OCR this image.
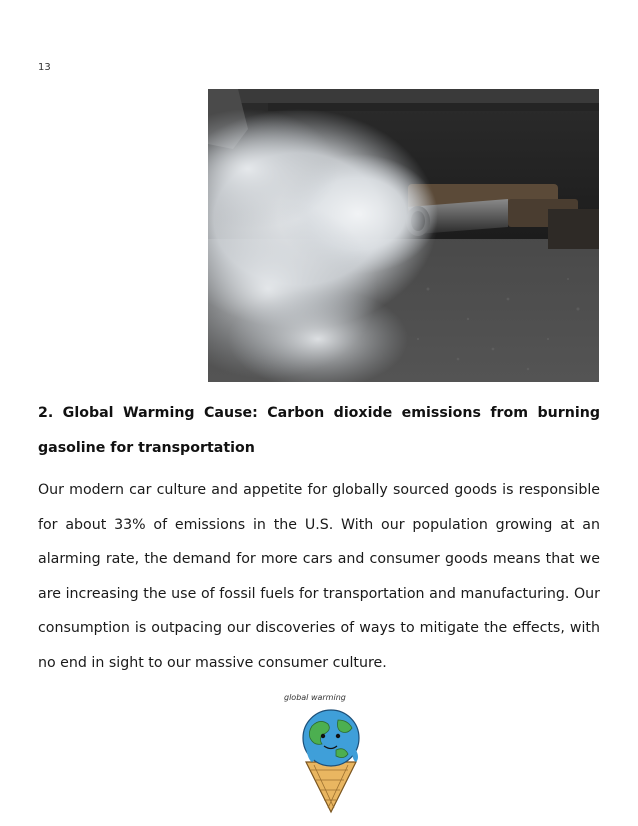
13

2. Global Warming Cause: Carbon dioxide emissions from burning gasoline for transportation

Our modern car culture and appetite for globally sourced goods is responsible for about 33% of emissions in the U.S. With our population growing at an alarming rate, the demand for more cars and consumer goods means that we are increasing the use of fossil fuels for transportation and manufacturing. Our consumption is outpacing our discoveries of ways to mitigate the effects, with no end in sight to our massive consumer culture.

global warming
